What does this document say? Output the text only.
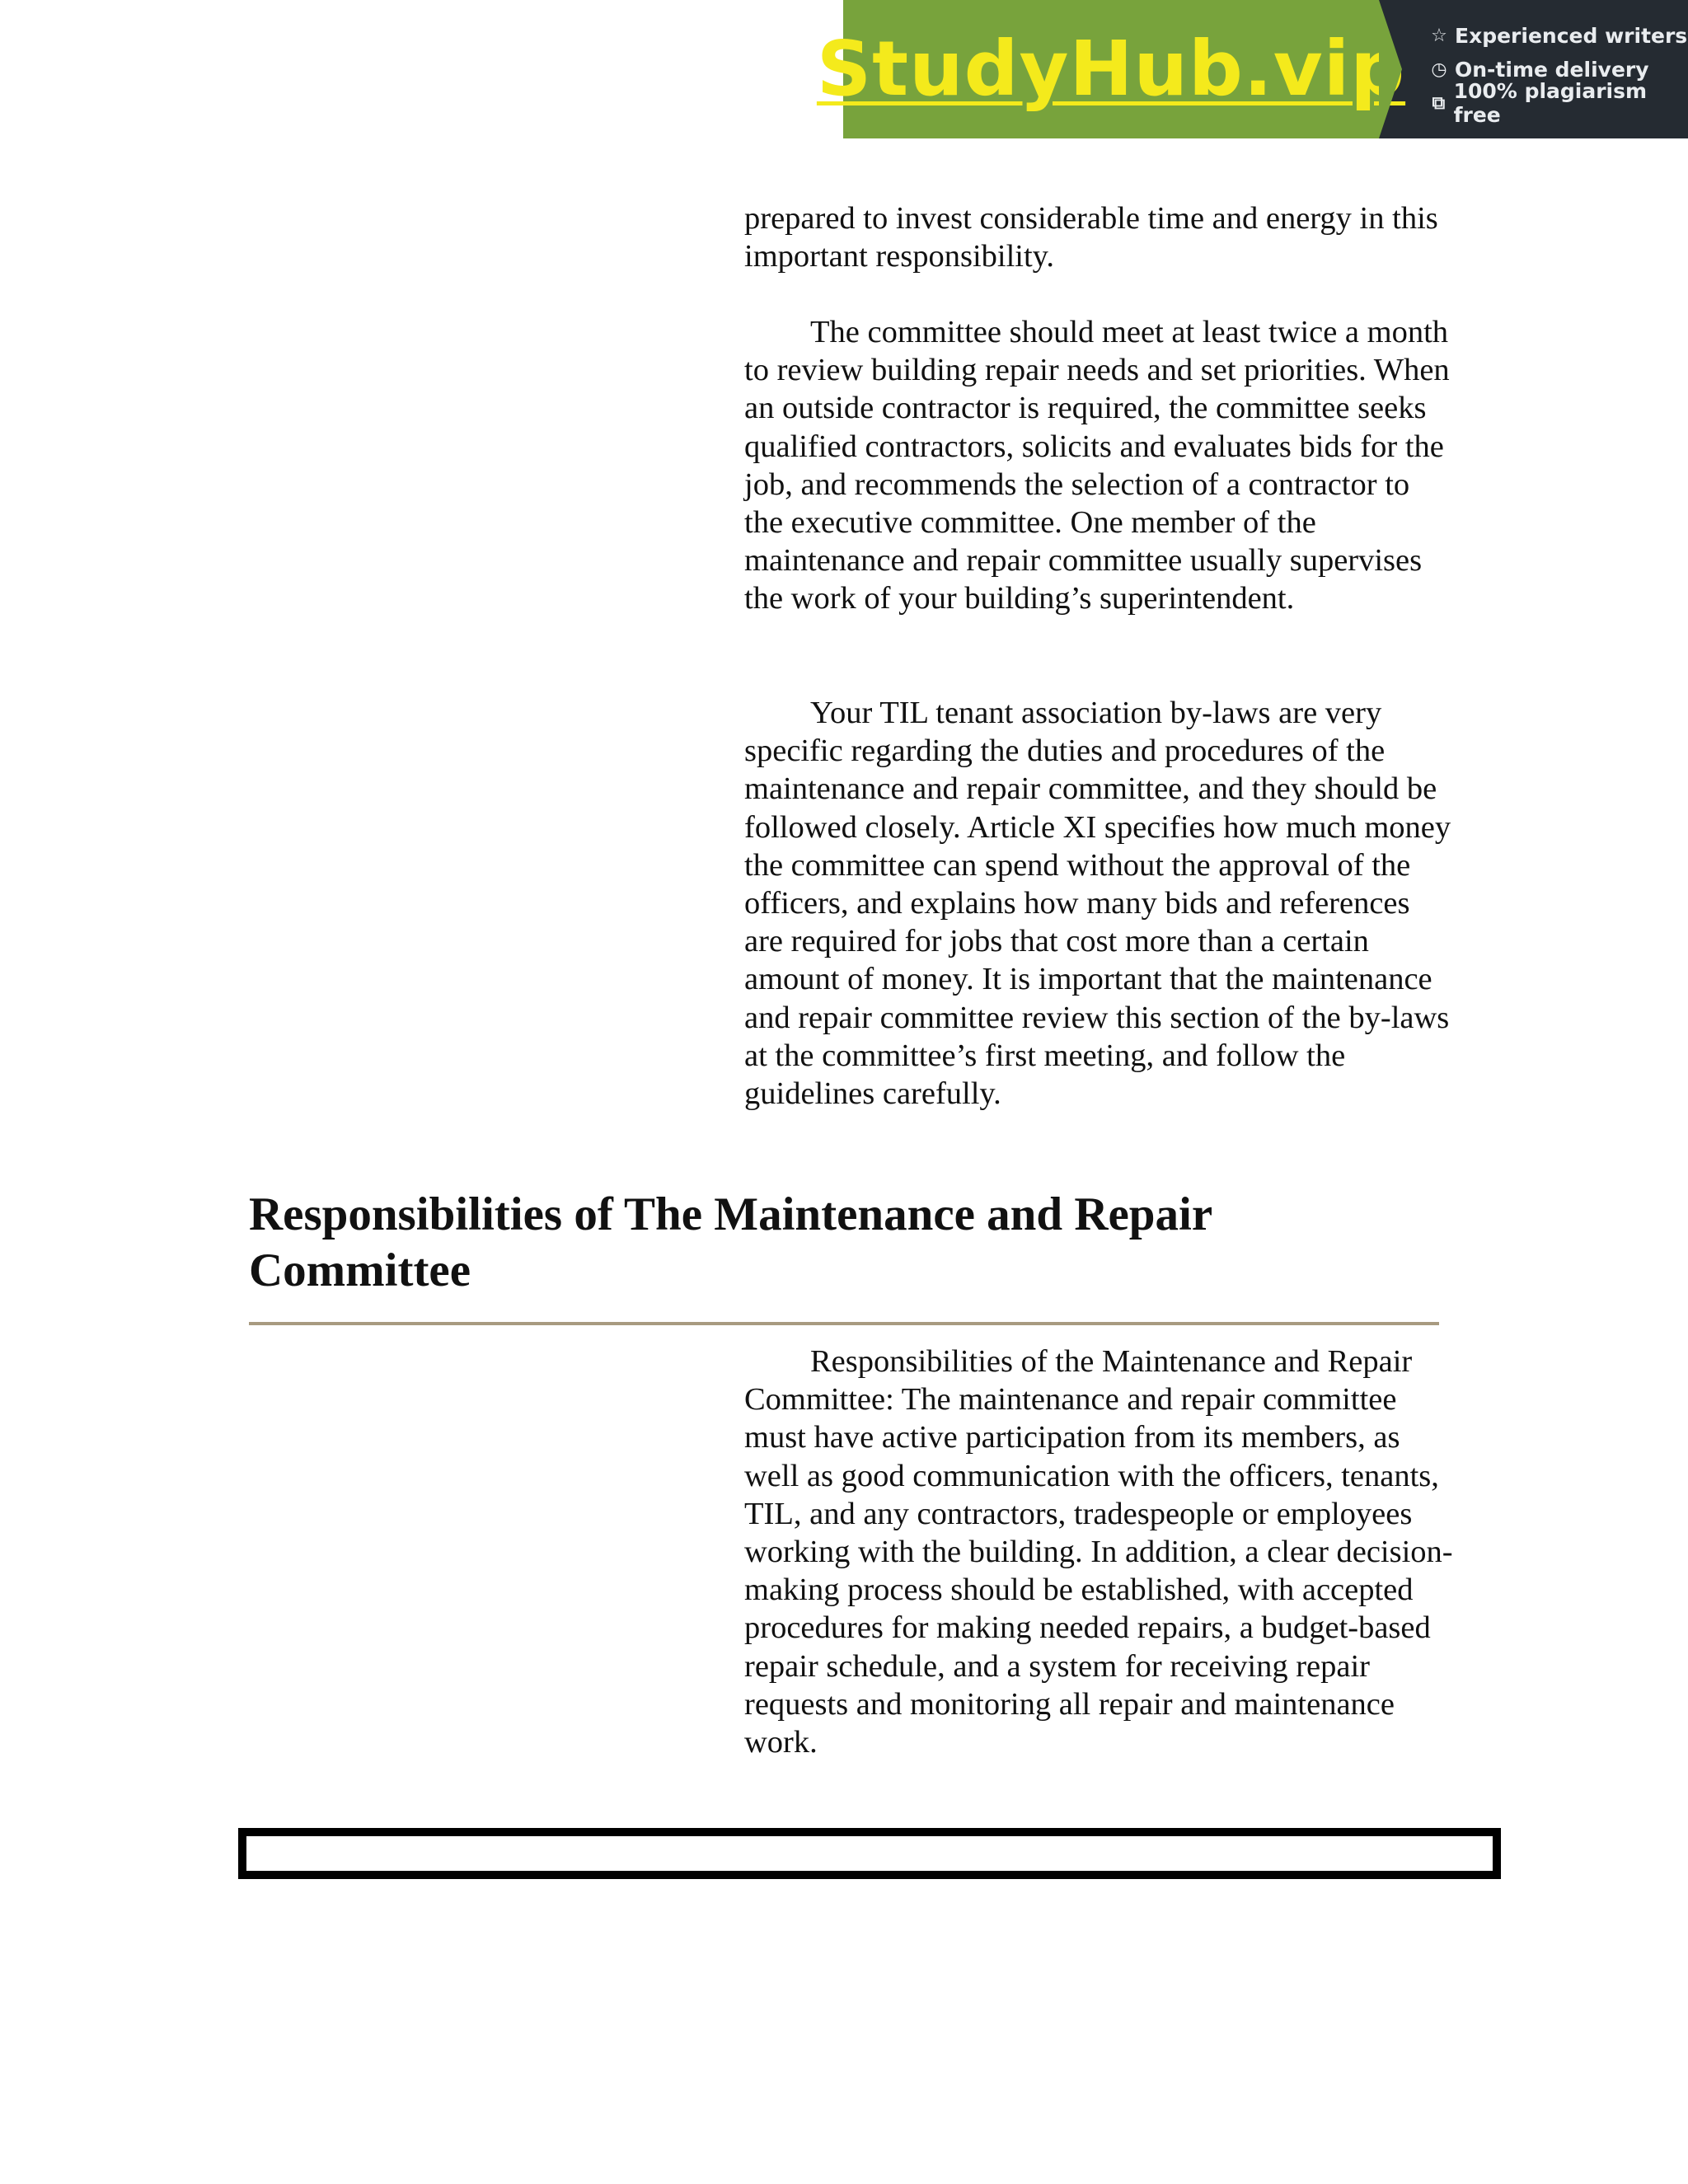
StudyHub.vip ☆ Experienced writers
◷ On-time delivery
⧉ 100% plagiarism free

prepared to invest considerable time and energy in this important responsibility.

The committee should meet at least twice a month to review building repair needs and set priorities. When an outside contractor is required, the committee seeks qualified contractors, solicits and evaluates bids for the job, and recommends the selection of a contractor to the executive committee. One member of the maintenance and repair committee usually supervises the work of your building’s superintendent.

Your TIL tenant association by-laws are very specific regarding the duties and procedures of the maintenance and repair committee, and they should be followed closely. Article XI specifies how much money the committee can spend without the approval of the officers, and explains how many bids and references are required for jobs that cost more than a certain amount of money. It is important that the maintenance and repair committee review this section of the by-laws at the committee’s first meeting, and follow the guidelines carefully.

Responsibilities of The Maintenance and Repair Committee

Responsibilities of the Maintenance and Repair Committee: The maintenance and repair committee must have active participation from its members, as well as good communication with the officers, tenants, TIL, and any contractors, tradespeople or employees working with the building. In addition, a clear decision-making process should be established, with accepted procedures for making needed repairs, a budget-based repair schedule, and a system for receiving repair requests and monitoring all repair and maintenance work.
